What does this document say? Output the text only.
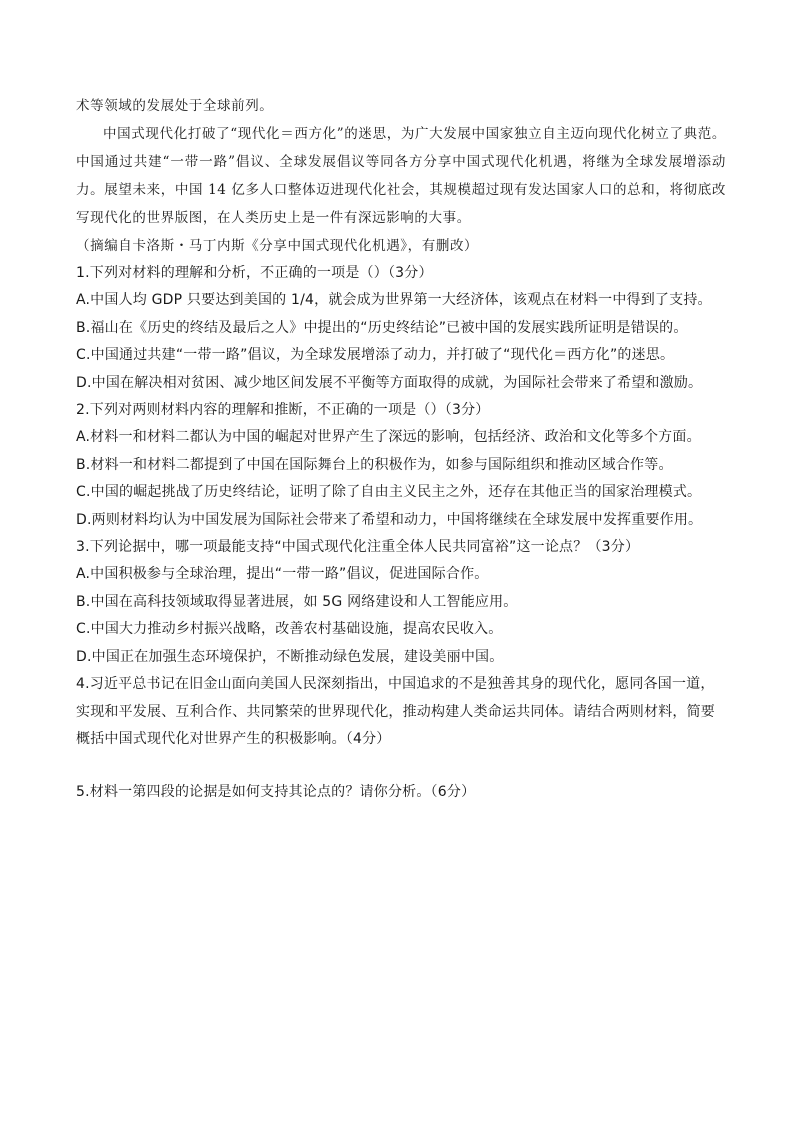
术等领域的发展处于全球前列。

中国式现代化打破了“现代化＝西方化”的迷思，为广大发展中国家独立自主迈向现代化树立了典范。中国通过共建“一带一路”倡议、全球发展倡议等同各方分享中国式现代化机遇，将继为全球发展增添动力。展望未来，中国 14 亿多人口整体迈进现代化社会，其规模超过现有发达国家人口的总和，将彻底改写现代化的世界版图，在人类历史上是一件有深远影响的大事。

（摘编自卡洛斯・马丁内斯《分享中国式现代化机遇》，有删改）

1.下列对材料的理解和分析，不正确的一项是（）（3分）

A.中国人均 GDP 只要达到美国的 1/4，就会成为世界第一大经济体，该观点在材料一中得到了支持。

B.福山在《历史的终结及最后之人》中提出的“历史终结论”已被中国的发展实践所证明是错误的。

C.中国通过共建“一带一路”倡议，为全球发展增添了动力，并打破了“现代化＝西方化”的迷思。

D.中国在解决相对贫困、减少地区间发展不平衡等方面取得的成就，为国际社会带来了希望和激励。

2.下列对两则材料内容的理解和推断，不正确的一项是（）（3分）

A.材料一和材料二都认为中国的崛起对世界产生了深远的影响，包括经济、政治和文化等多个方面。

B.材料一和材料二都提到了中国在国际舞台上的积极作为，如参与国际组织和推动区域合作等。

C.中国的崛起挑战了历史终结论，证明了除了自由主义民主之外，还存在其他正当的国家治理模式。

D.两则材料均认为中国发展为国际社会带来了希望和动力，中国将继续在全球发展中发挥重要作用。

3.下列论据中，哪一项最能支持“中国式现代化注重全体人民共同富裕”这一论点？（3分）

A.中国积极参与全球治理，提出“一带一路”倡议，促进国际合作。

B.中国在高科技领域取得显著进展，如 5G 网络建设和人工智能应用。

C.中国大力推动乡村振兴战略，改善农村基础设施，提高农民收入。

D.中国正在加强生态环境保护，不断推动绿色发展，建设美丽中国。

4.习近平总书记在旧金山面向美国人民深刻指出，中国追求的不是独善其身的现代化，愿同各国一道，实现和平发展、互利合作、共同繁荣的世界现代化，推动构建人类命运共同体。请结合两则材料，简要概括中国式现代化对世界产生的积极影响。（4分）

5.材料一第四段的论据是如何支持其论点的？请你分析。（6分）
